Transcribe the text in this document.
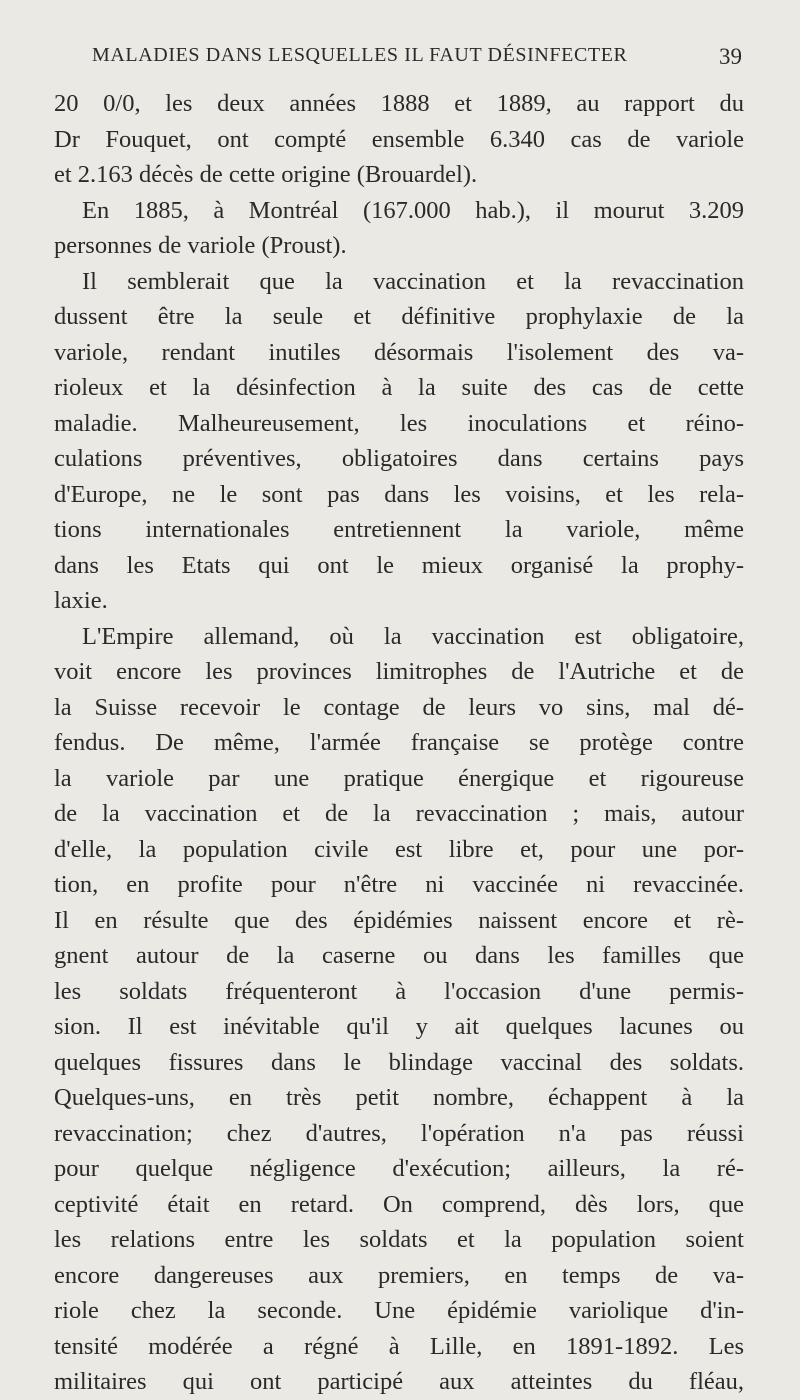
MALADIES DANS LESQUELLES IL FAUT DÉSINFECTER	39
20 0/0, les deux années 1888 et 1889, au rapport du
Dr Fouquet, ont compté ensemble 6.340 cas de variole
et 2.163 décès de cette origine (Brouardel).
En 1885, à Montréal (167.000 hab.), il mourut 3.209
personnes de variole (Proust).
Il semblerait que la vaccination et la revaccination
dussent être la seule et définitive prophylaxie de la
variole, rendant inutiles désormais l'isolement des va-
rioleux et la désinfection à la suite des cas de cette
maladie. Malheureusement, les inoculations et réino-
culations préventives, obligatoires dans certains pays
d'Europe, ne le sont pas dans les voisins, et les rela-
tions internationales entretiennent la variole, même
dans les Etats qui ont le mieux organisé la prophy-
laxie.
L'Empire allemand, où la vaccination est obligatoire,
voit encore les provinces limitrophes de l'Autriche et de
la Suisse recevoir le contage de leurs vo sins, mal dé-
fendus. De même, l'armée française se protège contre
la variole par une pratique énergique et rigoureuse
de la vaccination et de la revaccination ; mais, autour
d'elle, la population civile est libre et, pour une por-
tion, en profite pour n'être ni vaccinée ni revaccinée.
Il en résulte que des épidémies naissent encore et rè-
gnent autour de la caserne ou dans les familles que
les soldats fréquenteront à l'occasion d'une permis-
sion. Il est inévitable qu'il y ait quelques lacunes ou
quelques fissures dans le blindage vaccinal des soldats.
Quelques-uns, en très petit nombre, échappent à la
revaccination; chez d'autres, l'opération n'a pas réussi
pour quelque négligence d'exécution; ailleurs, la ré-
ceptivité était en retard. On comprend, dès lors, que
les relations entre les soldats et la population soient
encore dangereuses aux premiers, en temps de va-
riole chez la seconde. Une épidémie variolique d'in-
tensité modérée a régné à Lille, en 1891-1892. Les
militaires qui ont participé aux atteintes du fléau,
